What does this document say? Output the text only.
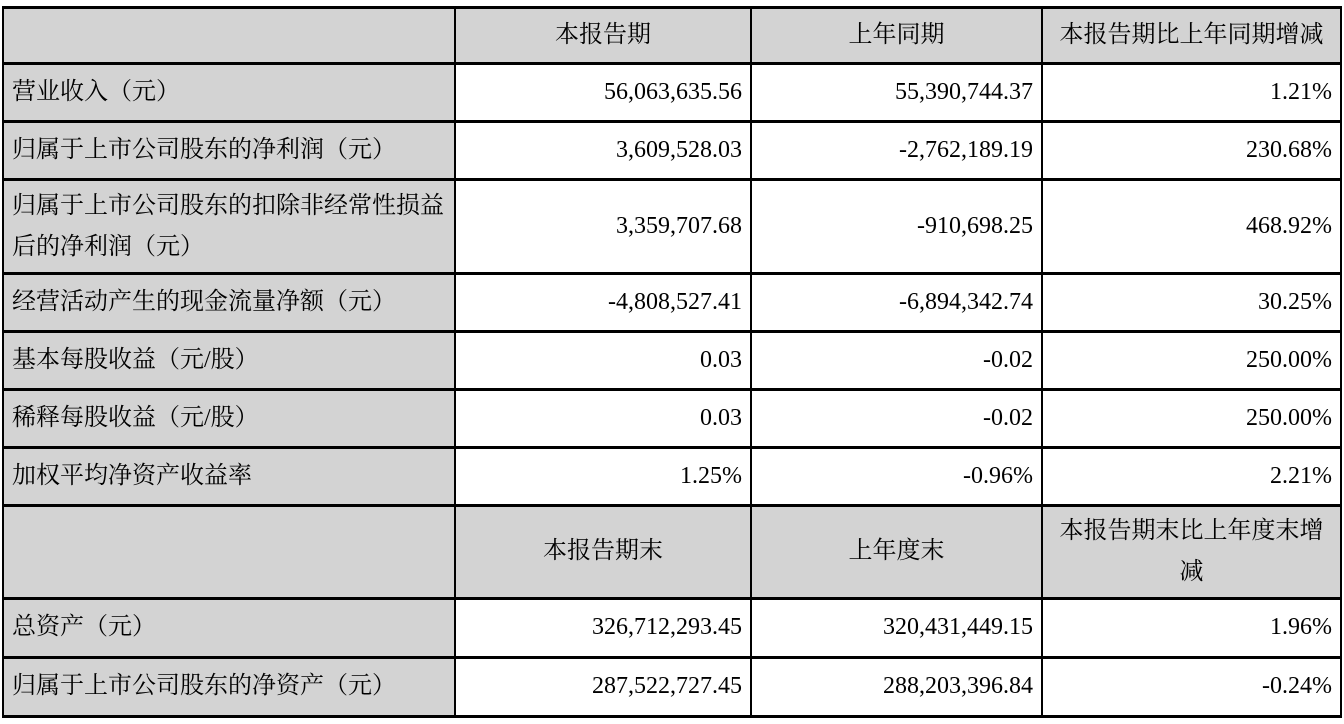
	本报告期	上年同期	本报告期比上年同期增减
营业收入（元）	56,063,635.56	55,390,744.37	1.21%
归属于上市公司股东的净利润（元）	3,609,528.03	-2,762,189.19	230.68%
归属于上市公司股东的扣除非经常性损益后的净利润（元）	3,359,707.68	-910,698.25	468.92%
经营活动产生的现金流量净额（元）	-4,808,527.41	-6,894,342.74	30.25%
基本每股收益（元/股）	0.03	-0.02	250.00%
稀释每股收益（元/股）	0.03	-0.02	250.00%
加权平均净资产收益率	1.25%	-0.96%	2.21%
	本报告期末	上年度末	本报告期末比上年度末增减
总资产（元）	326,712,293.45	320,431,449.15	1.96%
归属于上市公司股东的净资产（元）	287,522,727.45	288,203,396.84	-0.24%
